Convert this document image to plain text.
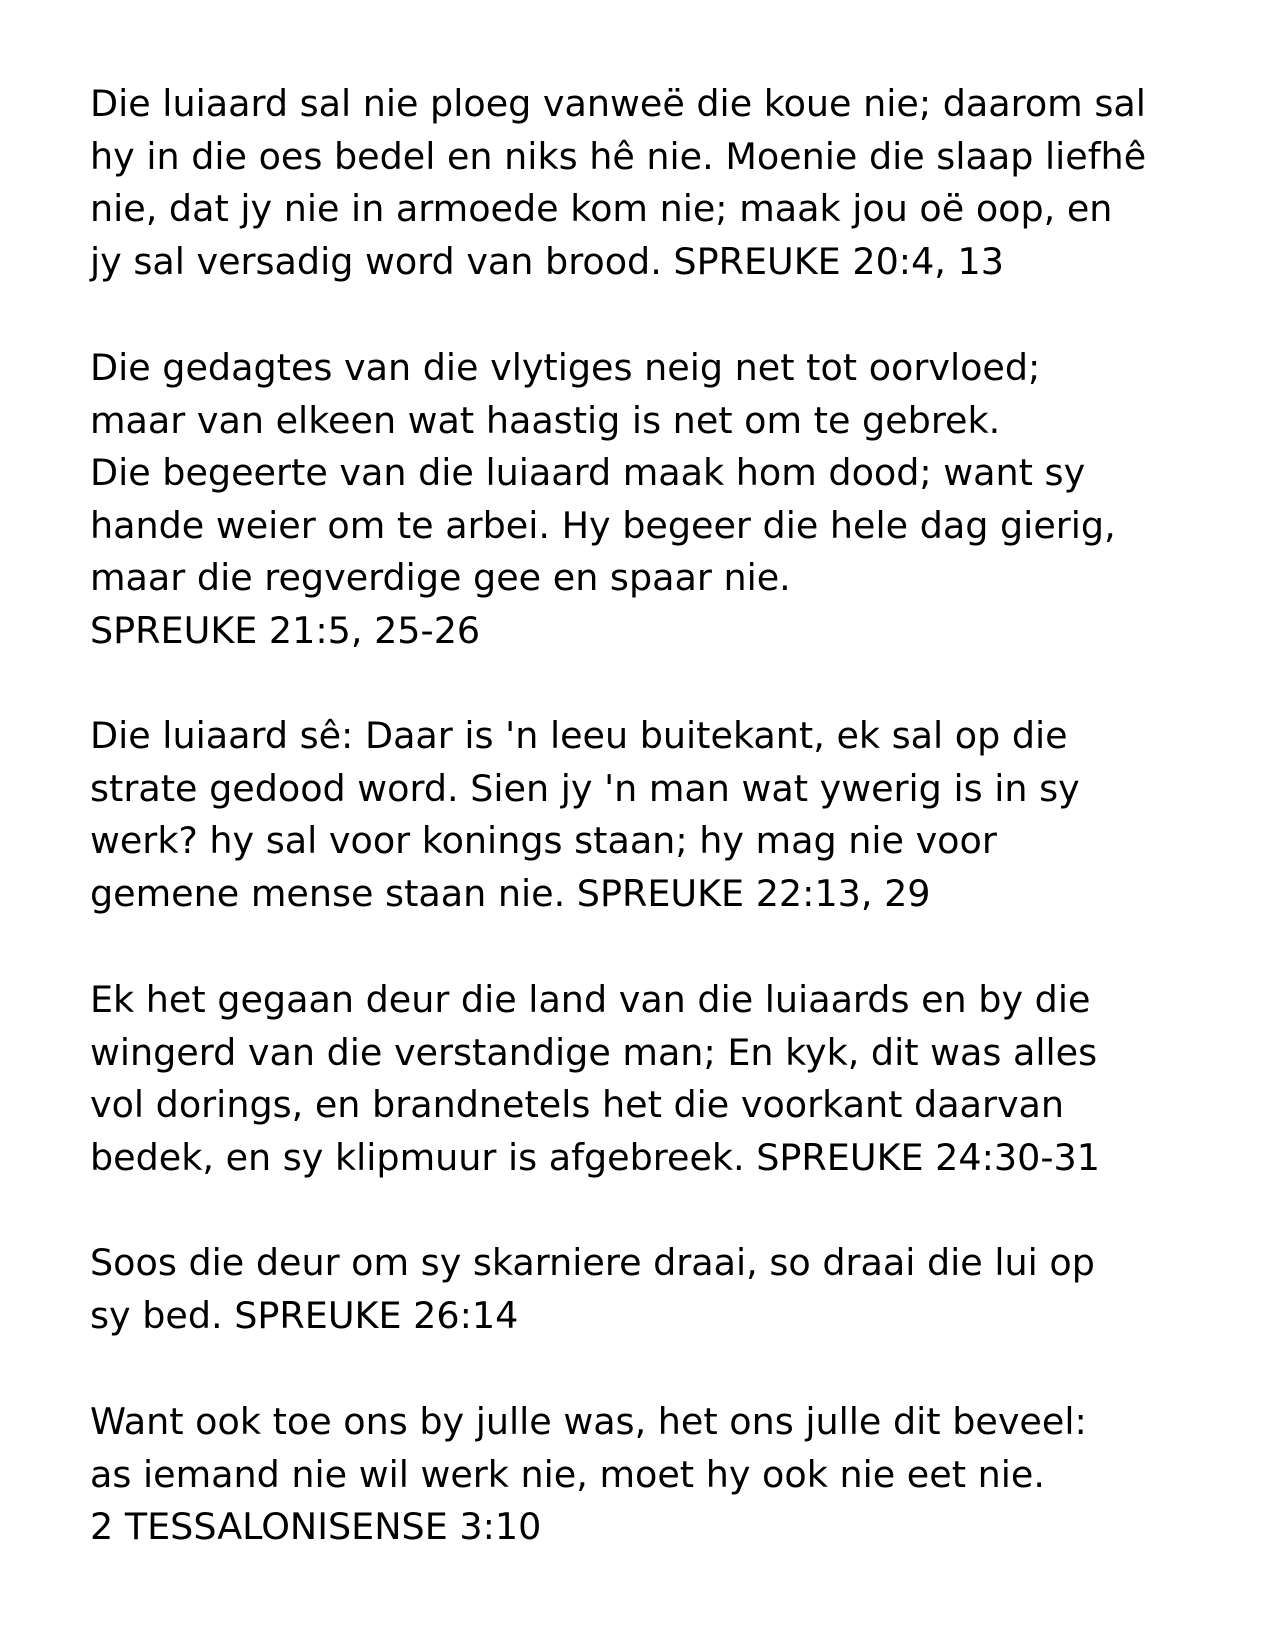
Die luiaard sal nie ploeg vanweë die koue nie; daarom sal
hy in die oes bedel en niks hê nie. Moenie die slaap liefhê
nie, dat jy nie in armoede kom nie; maak jou oë oop, en
jy sal versadig word van brood. SPREUKE 20:4, 13

Die gedagtes van die vlytiges neig net tot oorvloed;
maar van elkeen wat haastig is net om te gebrek.
Die begeerte van die luiaard maak hom dood; want sy
hande weier om te arbei. Hy begeer die hele dag gierig,
maar die regverdige gee en spaar nie.
SPREUKE 21:5, 25-26

Die luiaard sê: Daar is 'n leeu buitekant, ek sal op die
strate gedood word. Sien jy 'n man wat ywerig is in sy
werk? hy sal voor konings staan; hy mag nie voor
gemene mense staan nie. SPREUKE 22:13, 29

Ek het gegaan deur die land van die luiaards en by die
wingerd van die verstandige man; En kyk, dit was alles
vol dorings, en brandnetels het die voorkant daarvan
bedek, en sy klipmuur is afgebreek. SPREUKE 24:30-31

Soos die deur om sy skarniere draai, so draai die lui op
sy bed. SPREUKE 26:14

Want ook toe ons by julle was, het ons julle dit beveel:
as iemand nie wil werk nie, moet hy ook nie eet nie.
2 TESSALONISENSE 3:10
